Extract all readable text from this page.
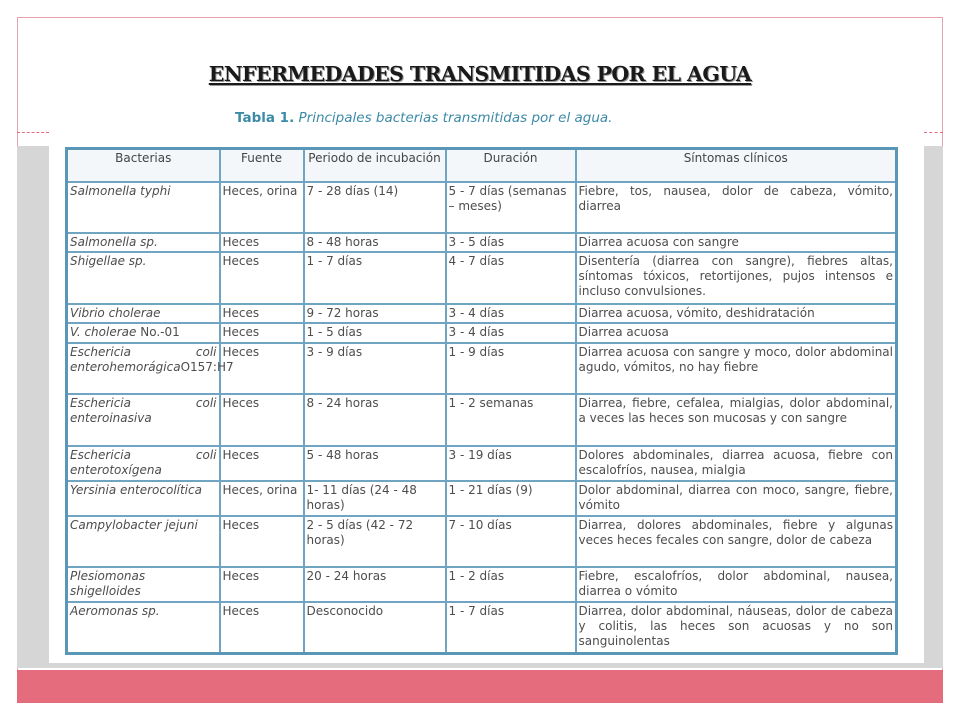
ENFERMEDADES TRANSMITIDAS POR EL AGUA
Tabla 1. Principales bacterias transmitidas por el agua.
Bacterias	Fuente	Periodo de incubación	Duración	Síntomas clínicos
Salmonella typhi	Heces, orina	7 - 28 días (14)	5 - 7 días (semanas – meses)	Fiebre, tos, nausea, dolor de cabeza, vómito, diarrea
Salmonella sp.	Heces	8 - 48 horas	3 - 5 días	Diarrea acuosa con sangre
Shigellae sp.	Heces	1 - 7 días	4 - 7 días	Disentería (diarrea con sangre), fiebres altas, síntomas tóxicos, retortijones, pujos intensos e incluso convulsiones.
Vibrio cholerae	Heces	9 - 72 horas	3 - 4 días	Diarrea acuosa, vómito, deshidratación
V. cholerae No.-01	Heces	1 - 5 días	3 - 4 días	Diarrea acuosa
Eschericia coli enterohemorágicaO157:H7	Heces	3 - 9 días	1 - 9 días	Diarrea acuosa con sangre y moco, dolor abdominal agudo, vómitos, no hay fiebre
Eschericia coli enteroinasiva	Heces	8 - 24 horas	1 - 2 semanas	Diarrea, fiebre, cefalea, mialgias, dolor abdominal, a veces las heces son mucosas y con sangre
Eschericia coli enterotoxígena	Heces	5 - 48 horas	3 - 19 días	Dolores abdominales, diarrea acuosa, fiebre con escalofríos, nausea, mialgia
Yersinia enterocolítica	Heces, orina	1- 11 días (24 - 48 horas)	1 - 21 días (9)	Dolor abdominal, diarrea con moco, sangre, fiebre, vómito
Campylobacter jejuni	Heces	2 - 5 días (42 - 72 horas)	7 - 10 días	Diarrea, dolores abdominales, fiebre y algunas veces heces fecales con sangre, dolor de cabeza
Plesiomonas shigelloides	Heces	20 - 24 horas	1 - 2 días	Fiebre, escalofríos, dolor abdominal, nausea, diarrea o vómito
Aeromonas sp.	Heces	Desconocido	1 - 7 días	Diarrea, dolor abdominal, náuseas, dolor de cabeza y colitis, las heces son acuosas y no son sanguinolentas
